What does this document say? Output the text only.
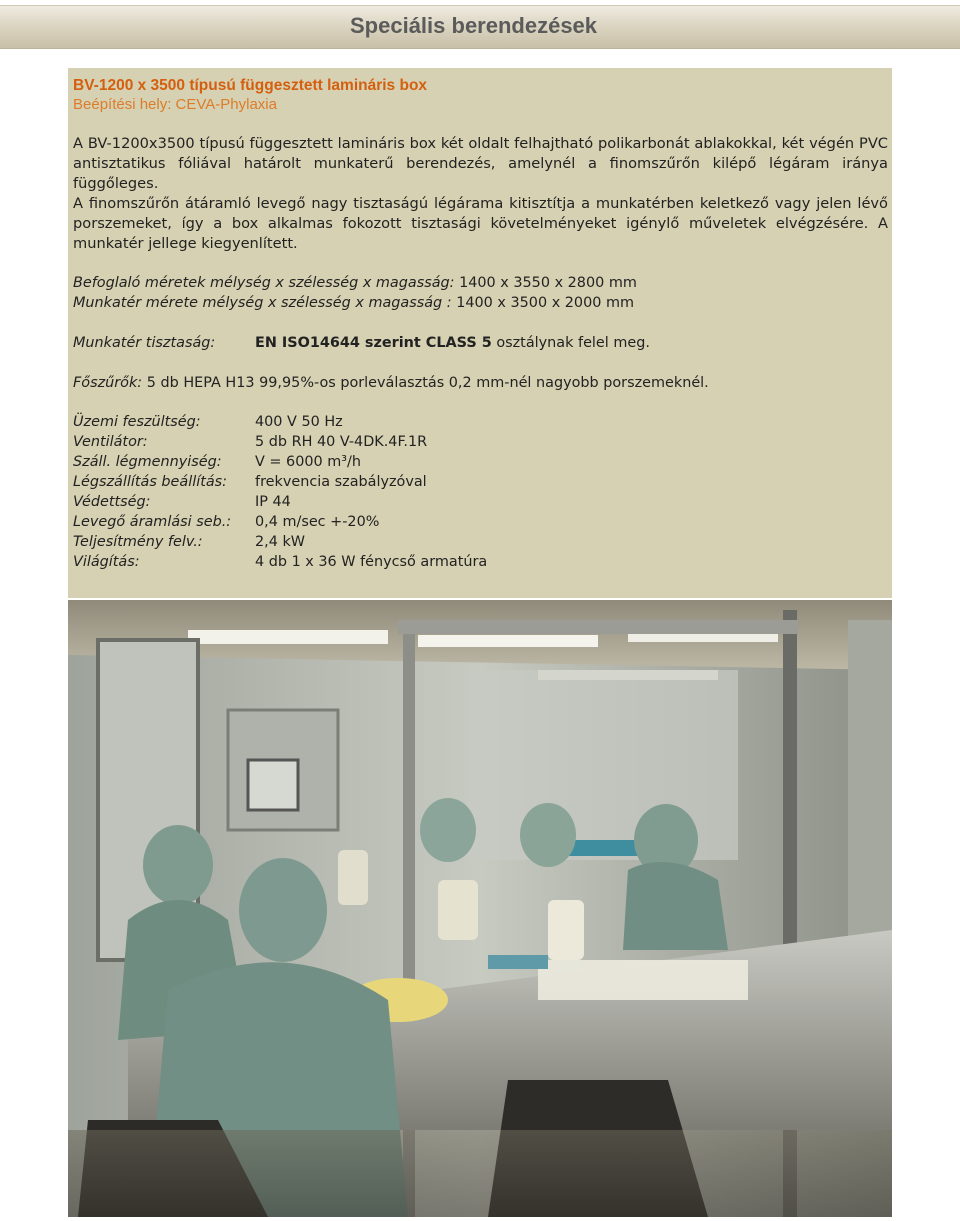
Speciális berendezések
BV-1200 x 3500 típusú függesztett lamináris box
Beépítési hely: CEVA-Phylaxia

A BV-1200x3500 típusú függesztett lamináris box két oldalt felhajtható polikarbonát ablakokkal, két végén PVC antisztatikus fóliával határolt munkaterű berendezés, amelynél a finomszűrőn kilépő légáram iránya függőleges.

A finomszűrőn átáramló levegő nagy tisztaságú légárama kitisztítja a munkatérben keletkező vagy jelen lévő porszemeket, így a box alkalmas fokozott tisztasági követelményeket igénylő műveletek elvégzésére. A munkatér jellege kiegyenlített.

Befoglaló méretek mélység x szélesség x magasság: 1400 x 3550 x 2800 mm
Munkatér mérete mélység x szélesség x magasság : 1400 x 3500 x 2000 mm
Munkatér tisztaság:	EN ISO14644 szerint CLASS 5 osztálynak felel meg.
Főszűrők: 5 db HEPA H13 99,95%-os porleválasztás 0,2 mm-nél nagyobb porszemeknél.
Üzemi feszültség:	400 V 50 Hz
Ventilátor:	5 db RH 40 V-4DK.4F.1R
Száll. légmennyiség:	V = 6000 m³/h
Légszállítás beállítás:	frekvencia szabályzóval
Védettség:	IP 44
Levegő áramlási seb.:	0,4 m/sec +-20%
Teljesítmény felv.:	2,4 kW
Világítás:	4 db 1 x 36 W fénycső armatúra
